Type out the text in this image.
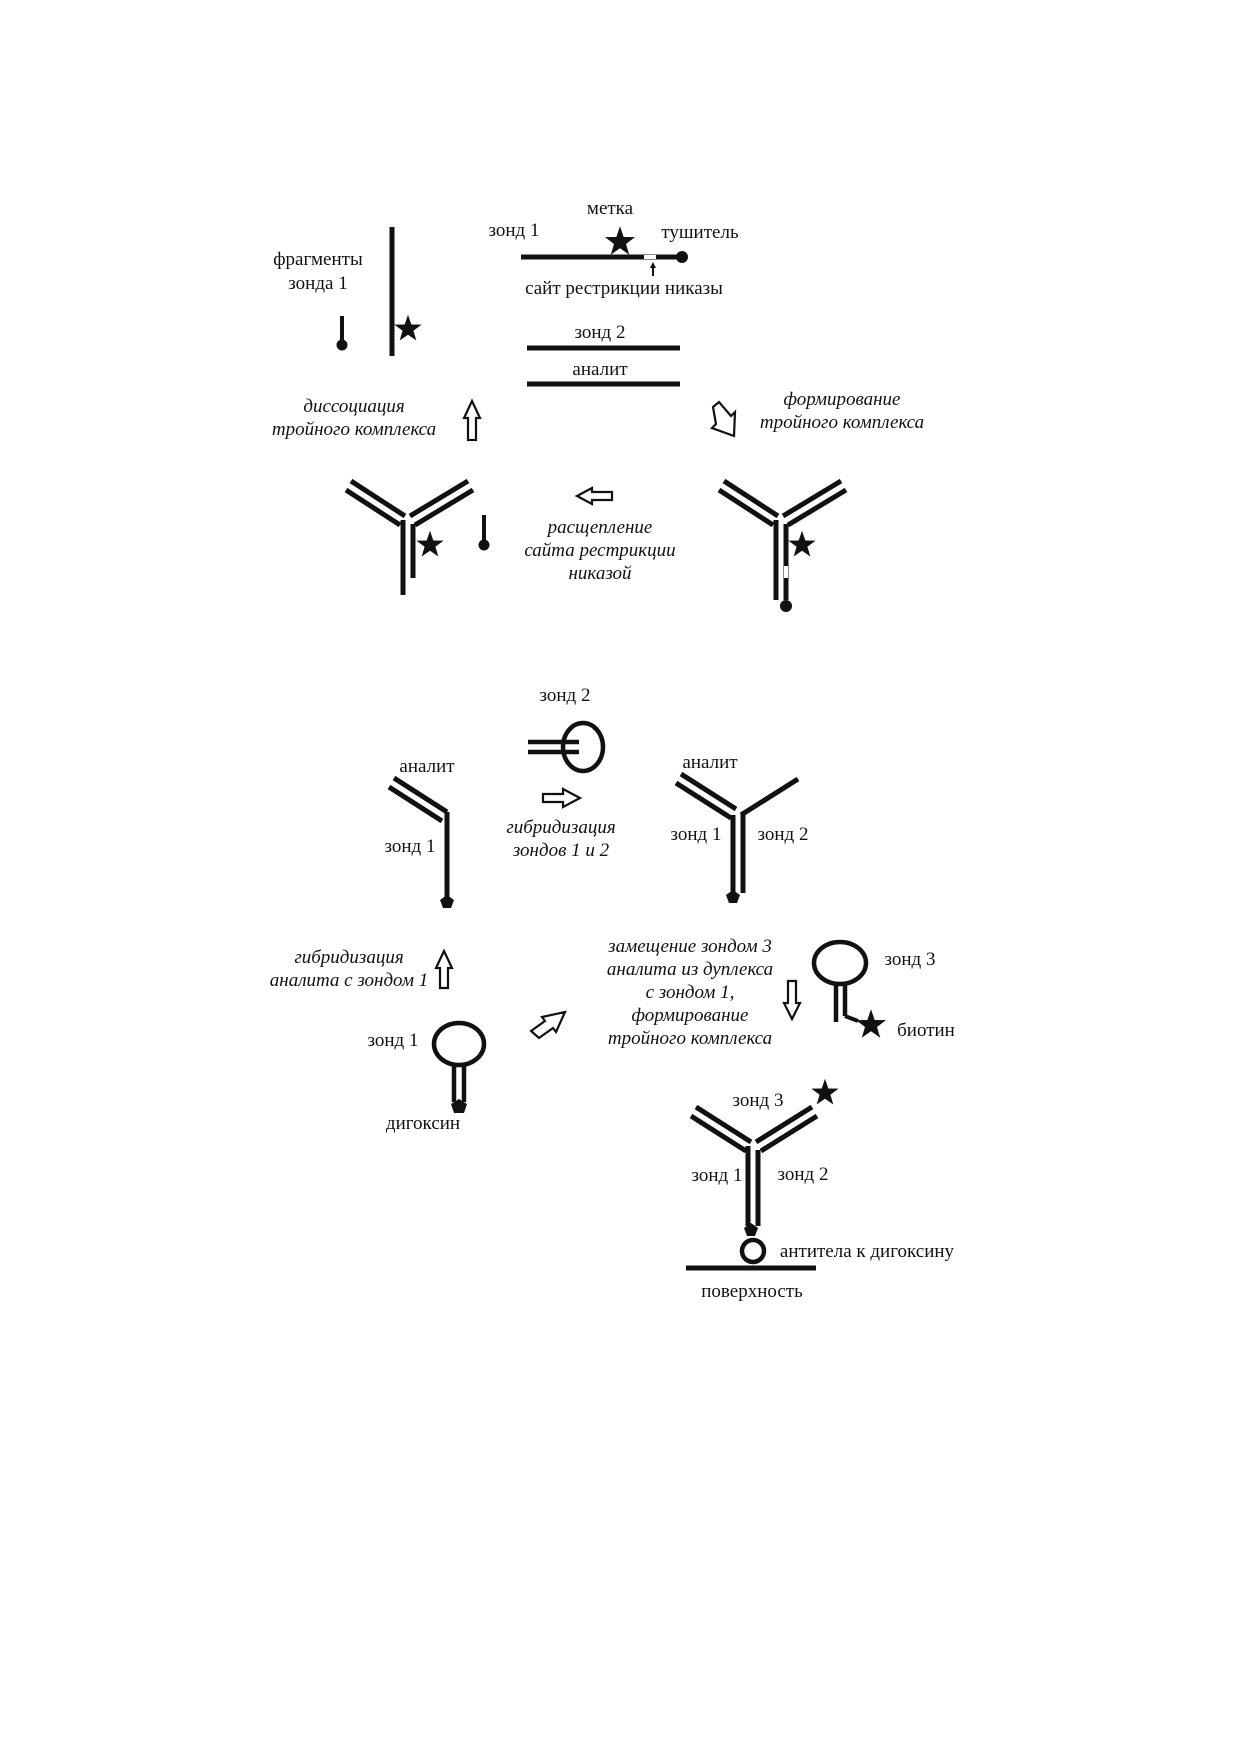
фрагменты
зонда 1
метка
зонд 1	тушитель
сайт рестрикции никазы
зонд 2
аналит
формирование
тройного комплекса
диссоциация
тройного комплекса
расщепление
сайта рестрикции
никазой
зонд 2
гибридизация
зондов 1 и 2
аналит
зонд 1
аналит
зонд 1 зонд 2
гибридизация
аналита с зондом 1
замещение зондом 3
аналита из дуплекса
с зондом 1,
формирование
тройного комплекса
зонд 3
биотин
зонд 1
дигоксин
зонд 3
зонд 1 зонд 2
антитела к дигоксину
поверхность
